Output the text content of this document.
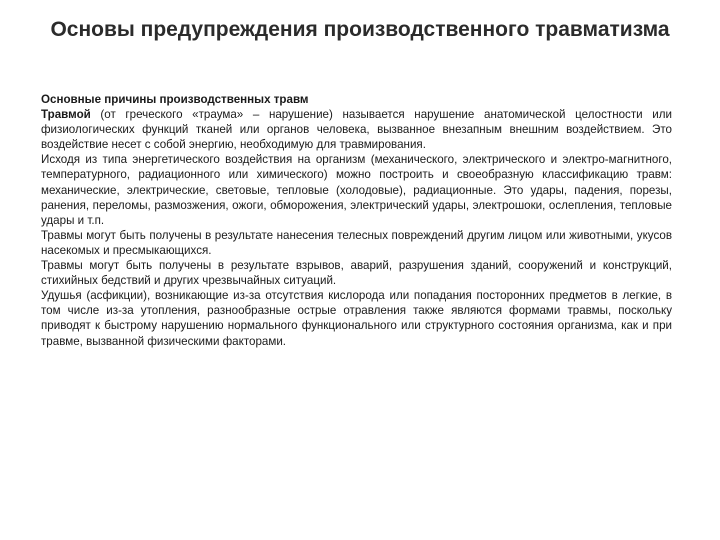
Основы предупреждения производственного травматизма

Основные причины производственных травм

Травмой (от греческого «траума» – нарушение) называется нарушение анатомической целостности или физиологических функций тканей или органов человека, вызванное внезапным внешним воздействием. Это воздействие несет с собой энергию, необходимую для травмирования.

Исходя из типа энергетического воздействия на организм (механического, электрического и электро-магнитного, температурного, радиационного или химического) можно построить и своеобразную классификацию травм: механические, электрические, световые, тепловые (холодовые), радиационные. Это удары, падения, порезы, ранения, переломы, размозжения, ожоги, обморожения, электрический удары, электрошоки, ослепления, тепловые удары и т.п.

Травмы могут быть получены в результате нанесения телесных повреждений другим лицом или животными, укусов насекомых и пресмыкающихся.

Травмы могут быть получены в результате взрывов, аварий, разрушения зданий, сооружений и конструкций, стихийных бедствий и других чрезвычайных ситуаций.

Удушья (асфикции), возникающие из-за отсутствия кислорода или попадания посторонних предметов в легкие, в том числе из-за утопления, разнообразные острые отравления также являются формами травмы, поскольку приводят к быстрому нарушению нормального функционального или структурного состояния организма, как и при травме, вызванной физическими факторами.
